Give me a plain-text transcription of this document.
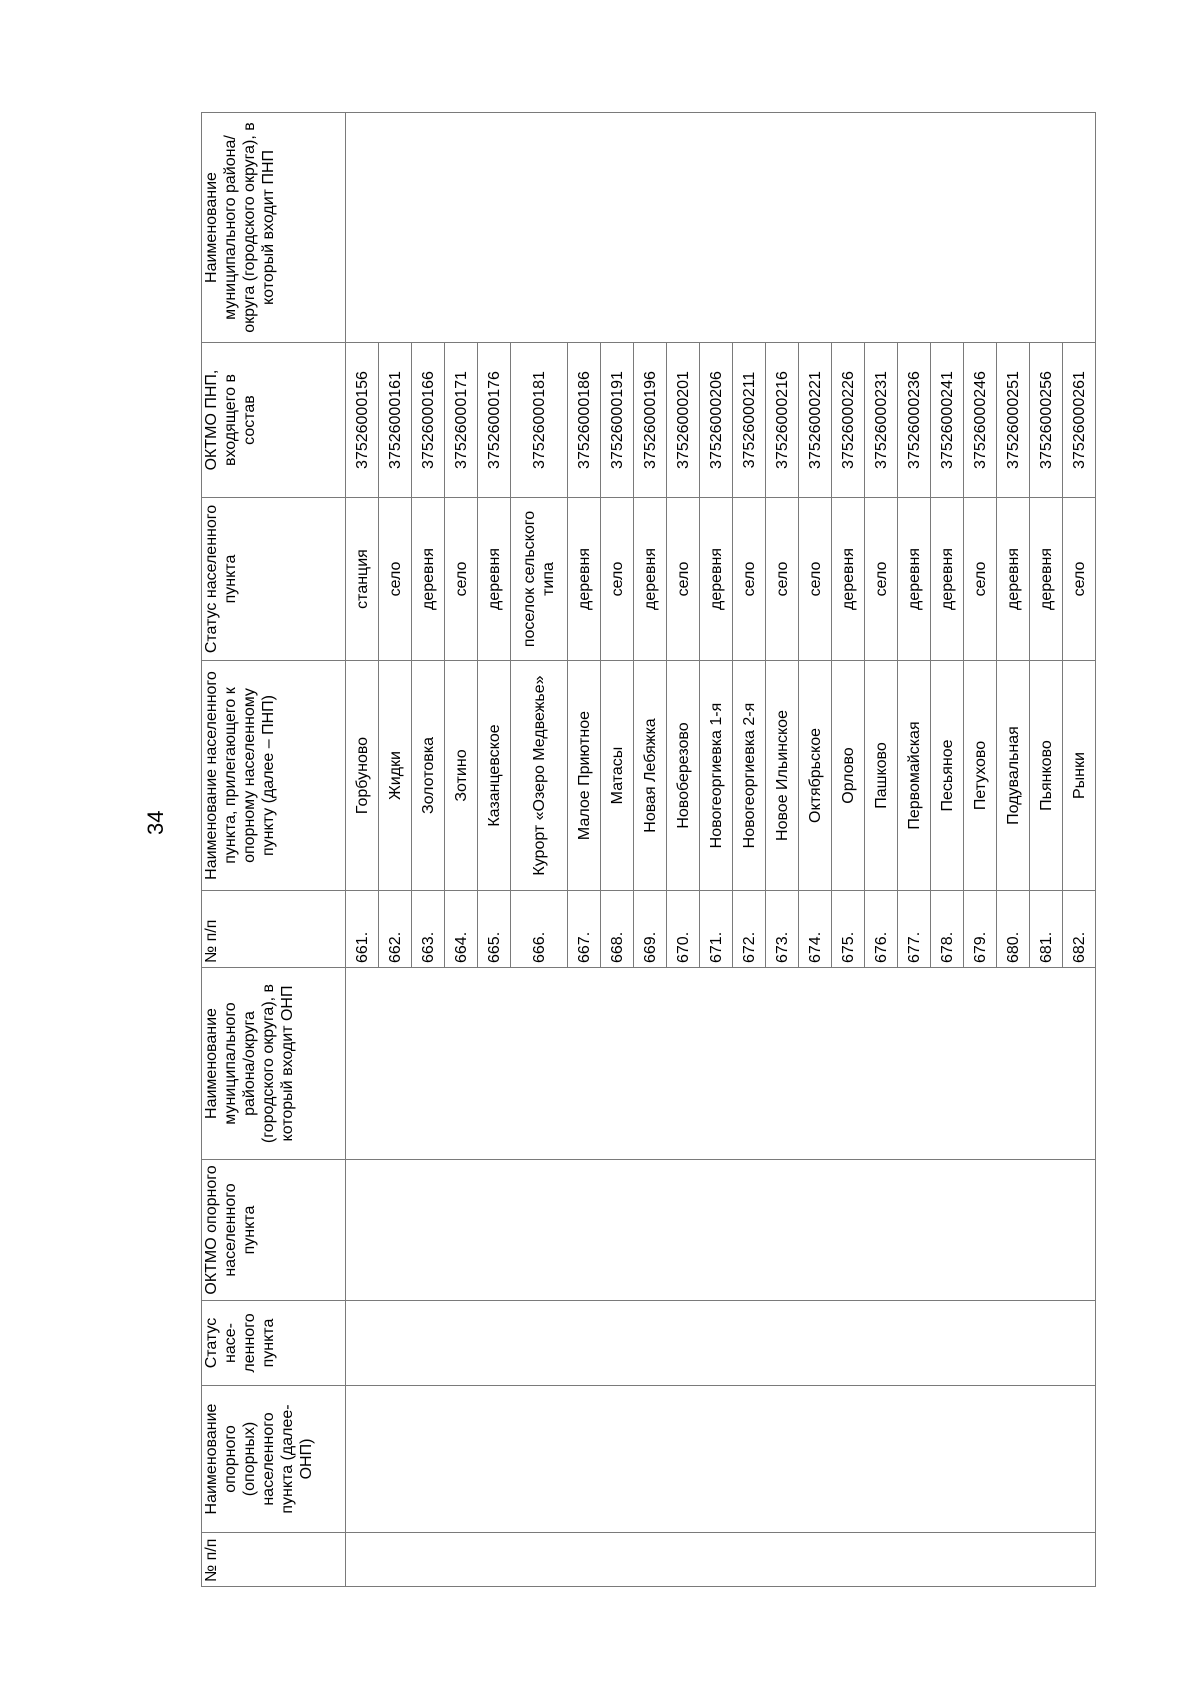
34
№ п/п	Наименование опорного (опорных) населенного пункта (далее- ОНП)	Статус насе-ленного пункта	ОКТМО опорного населенного пункта	Наименование муниципального района/округа (городского округа), в который входит ОНП	№ п/п	Наименование населенного пункта, прилегающего к опорному населенному пункту (далее – ПНП)	Статус населенного пункта	ОКТМО ПНП, входящего в состав	Наименование муниципального района/округа (городского округа), в который входит ПНП
					661.	Горбуново	станция	37526000156	
					662.	Жидки	село	37526000161	
					663.	Золотовка	деревня	37526000166	
					664.	Зотино	село	37526000171	
					665.	Казанцевское	деревня	37526000176	
					666.	Курорт «Озеро Медвежье»	поселок сельского типа	37526000181	
					667.	Малое Приютное	деревня	37526000186	
					668.	Матасы	село	37526000191	
					669.	Новая Лебяжка	деревня	37526000196	
					670.	Новоберезово	село	37526000201	
					671.	Новогеоргиевка 1-я	деревня	37526000206	
					672.	Новогеоргиевка 2-я	село	37526000211	
					673.	Новое Ильинское	село	37526000216	
					674.	Октябрьское	село	37526000221	
					675.	Орлово	деревня	37526000226	
					676.	Пашково	село	37526000231	
					677.	Первомайская	деревня	37526000236	
					678.	Песьяное	деревня	37526000241	
					679.	Петухово	село	37526000246	
					680.	Подувальная	деревня	37526000251	
					681.	Пьянково	деревня	37526000256	
					682.	Рынки	село	37526000261	
